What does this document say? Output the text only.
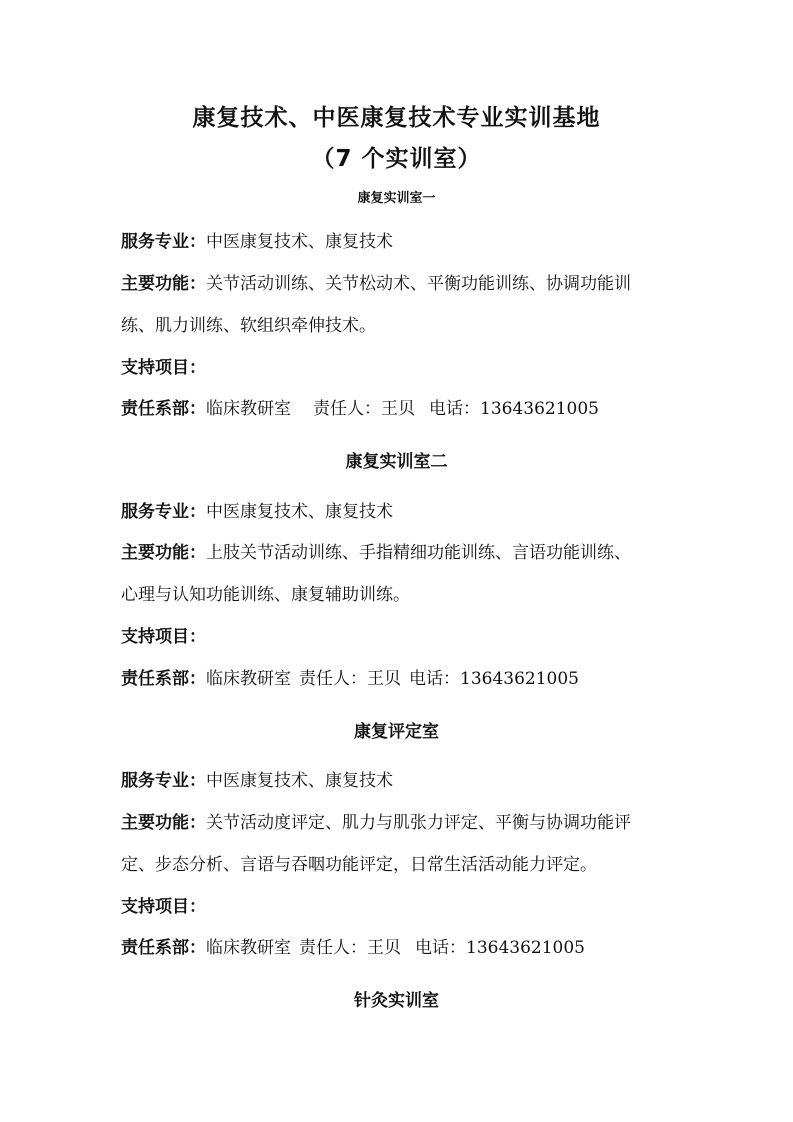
康复技术、中医康复技术专业实训基地
（7 个实训室）
康复实训室一
服务专业：中医康复技术、康复技术
主要功能：关节活动训练、关节松动术、平衡功能训练、协调功能训
练、肌力训练、软组织牵伸技术。
支持项目：
责任系部：临床教研室 责任人：王贝 电话：13643621005
康复实训室二
服务专业：中医康复技术、康复技术
主要功能：上肢关节活动训练、手指精细功能训练、言语功能训练、
心理与认知功能训练、康复辅助训练。
支持项目：
责任系部：临床教研室 责任人：王贝 电话：13643621005
康复评定室
服务专业：中医康复技术、康复技术
主要功能：关节活动度评定、肌力与肌张力评定、平衡与协调功能评
定、步态分析、言语与吞咽功能评定，日常生活活动能力评定。
支持项目：
责任系部：临床教研室 责任人：王贝 电话：13643621005
针灸实训室
